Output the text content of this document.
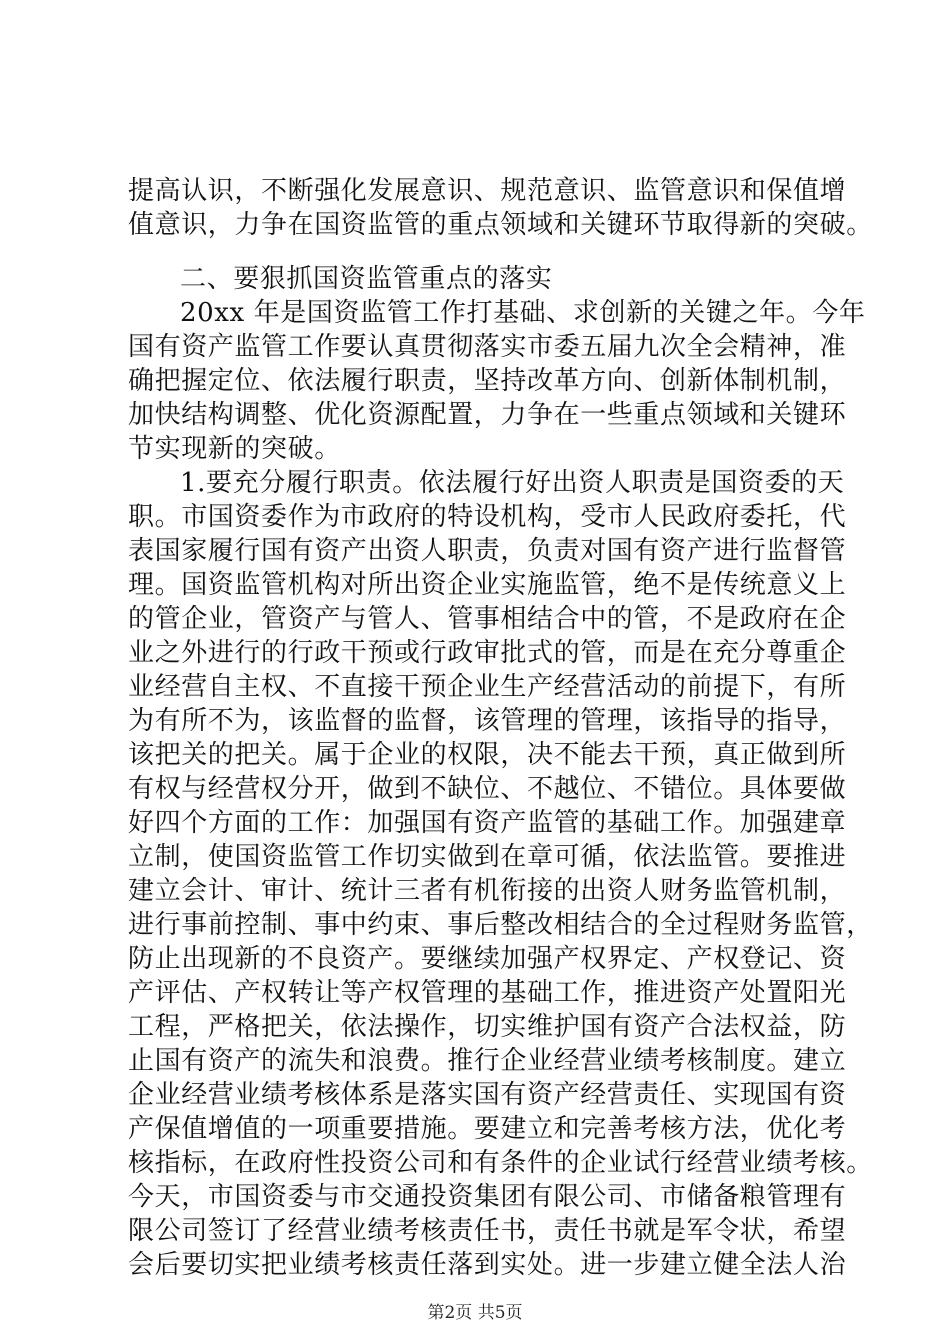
提高认识，不断强化发展意识、规范意识、监管意识和保值增
值意识，力争在国资监管的重点领域和关键环节取得新的突破。
二、要狠抓国资监管重点的落实
20xx 年是国资监管工作打基础、求创新的关键之年。今年
国有资产监管工作要认真贯彻落实市委五届九次全会精神，准
确把握定位、依法履行职责，坚持改革方向、创新体制机制，
加快结构调整、优化资源配置，力争在一些重点领域和关键环
节实现新的突破。
1.要充分履行职责。依法履行好出资人职责是国资委的天
职。市国资委作为市政府的特设机构，受市人民政府委托，代
表国家履行国有资产出资人职责，负责对国有资产进行监督管
理。国资监管机构对所出资企业实施监管，绝不是传统意义上
的管企业，管资产与管人、管事相结合中的管，不是政府在企
业之外进行的行政干预或行政审批式的管，而是在充分尊重企
业经营自主权、不直接干预企业生产经营活动的前提下，有所
为有所不为，该监督的监督，该管理的管理，该指导的指导，
该把关的把关。属于企业的权限，决不能去干预，真正做到所
有权与经营权分开，做到不缺位、不越位、不错位。具体要做
好四个方面的工作：加强国有资产监管的基础工作。加强建章
立制，使国资监管工作切实做到在章可循，依法监管。要推进
建立会计、审计、统计三者有机衔接的出资人财务监管机制，
进行事前控制、事中约束、事后整改相结合的全过程财务监管，
防止出现新的不良资产。要继续加强产权界定、产权登记、资
产评估、产权转让等产权管理的基础工作，推进资产处置阳光
工程，严格把关，依法操作，切实维护国有资产合法权益，防
止国有资产的流失和浪费。推行企业经营业绩考核制度。建立
企业经营业绩考核体系是落实国有资产经营责任、实现国有资
产保值增值的一项重要措施。要建立和完善考核方法，优化考
核指标，在政府性投资公司和有条件的企业试行经营业绩考核。
今天，市国资委与市交通投资集团有限公司、市储备粮管理有
限公司签订了经营业绩考核责任书，责任书就是军令状，希望
会后要切实把业绩考核责任落到实处。进一步建立健全法人治
第2页 共5页
